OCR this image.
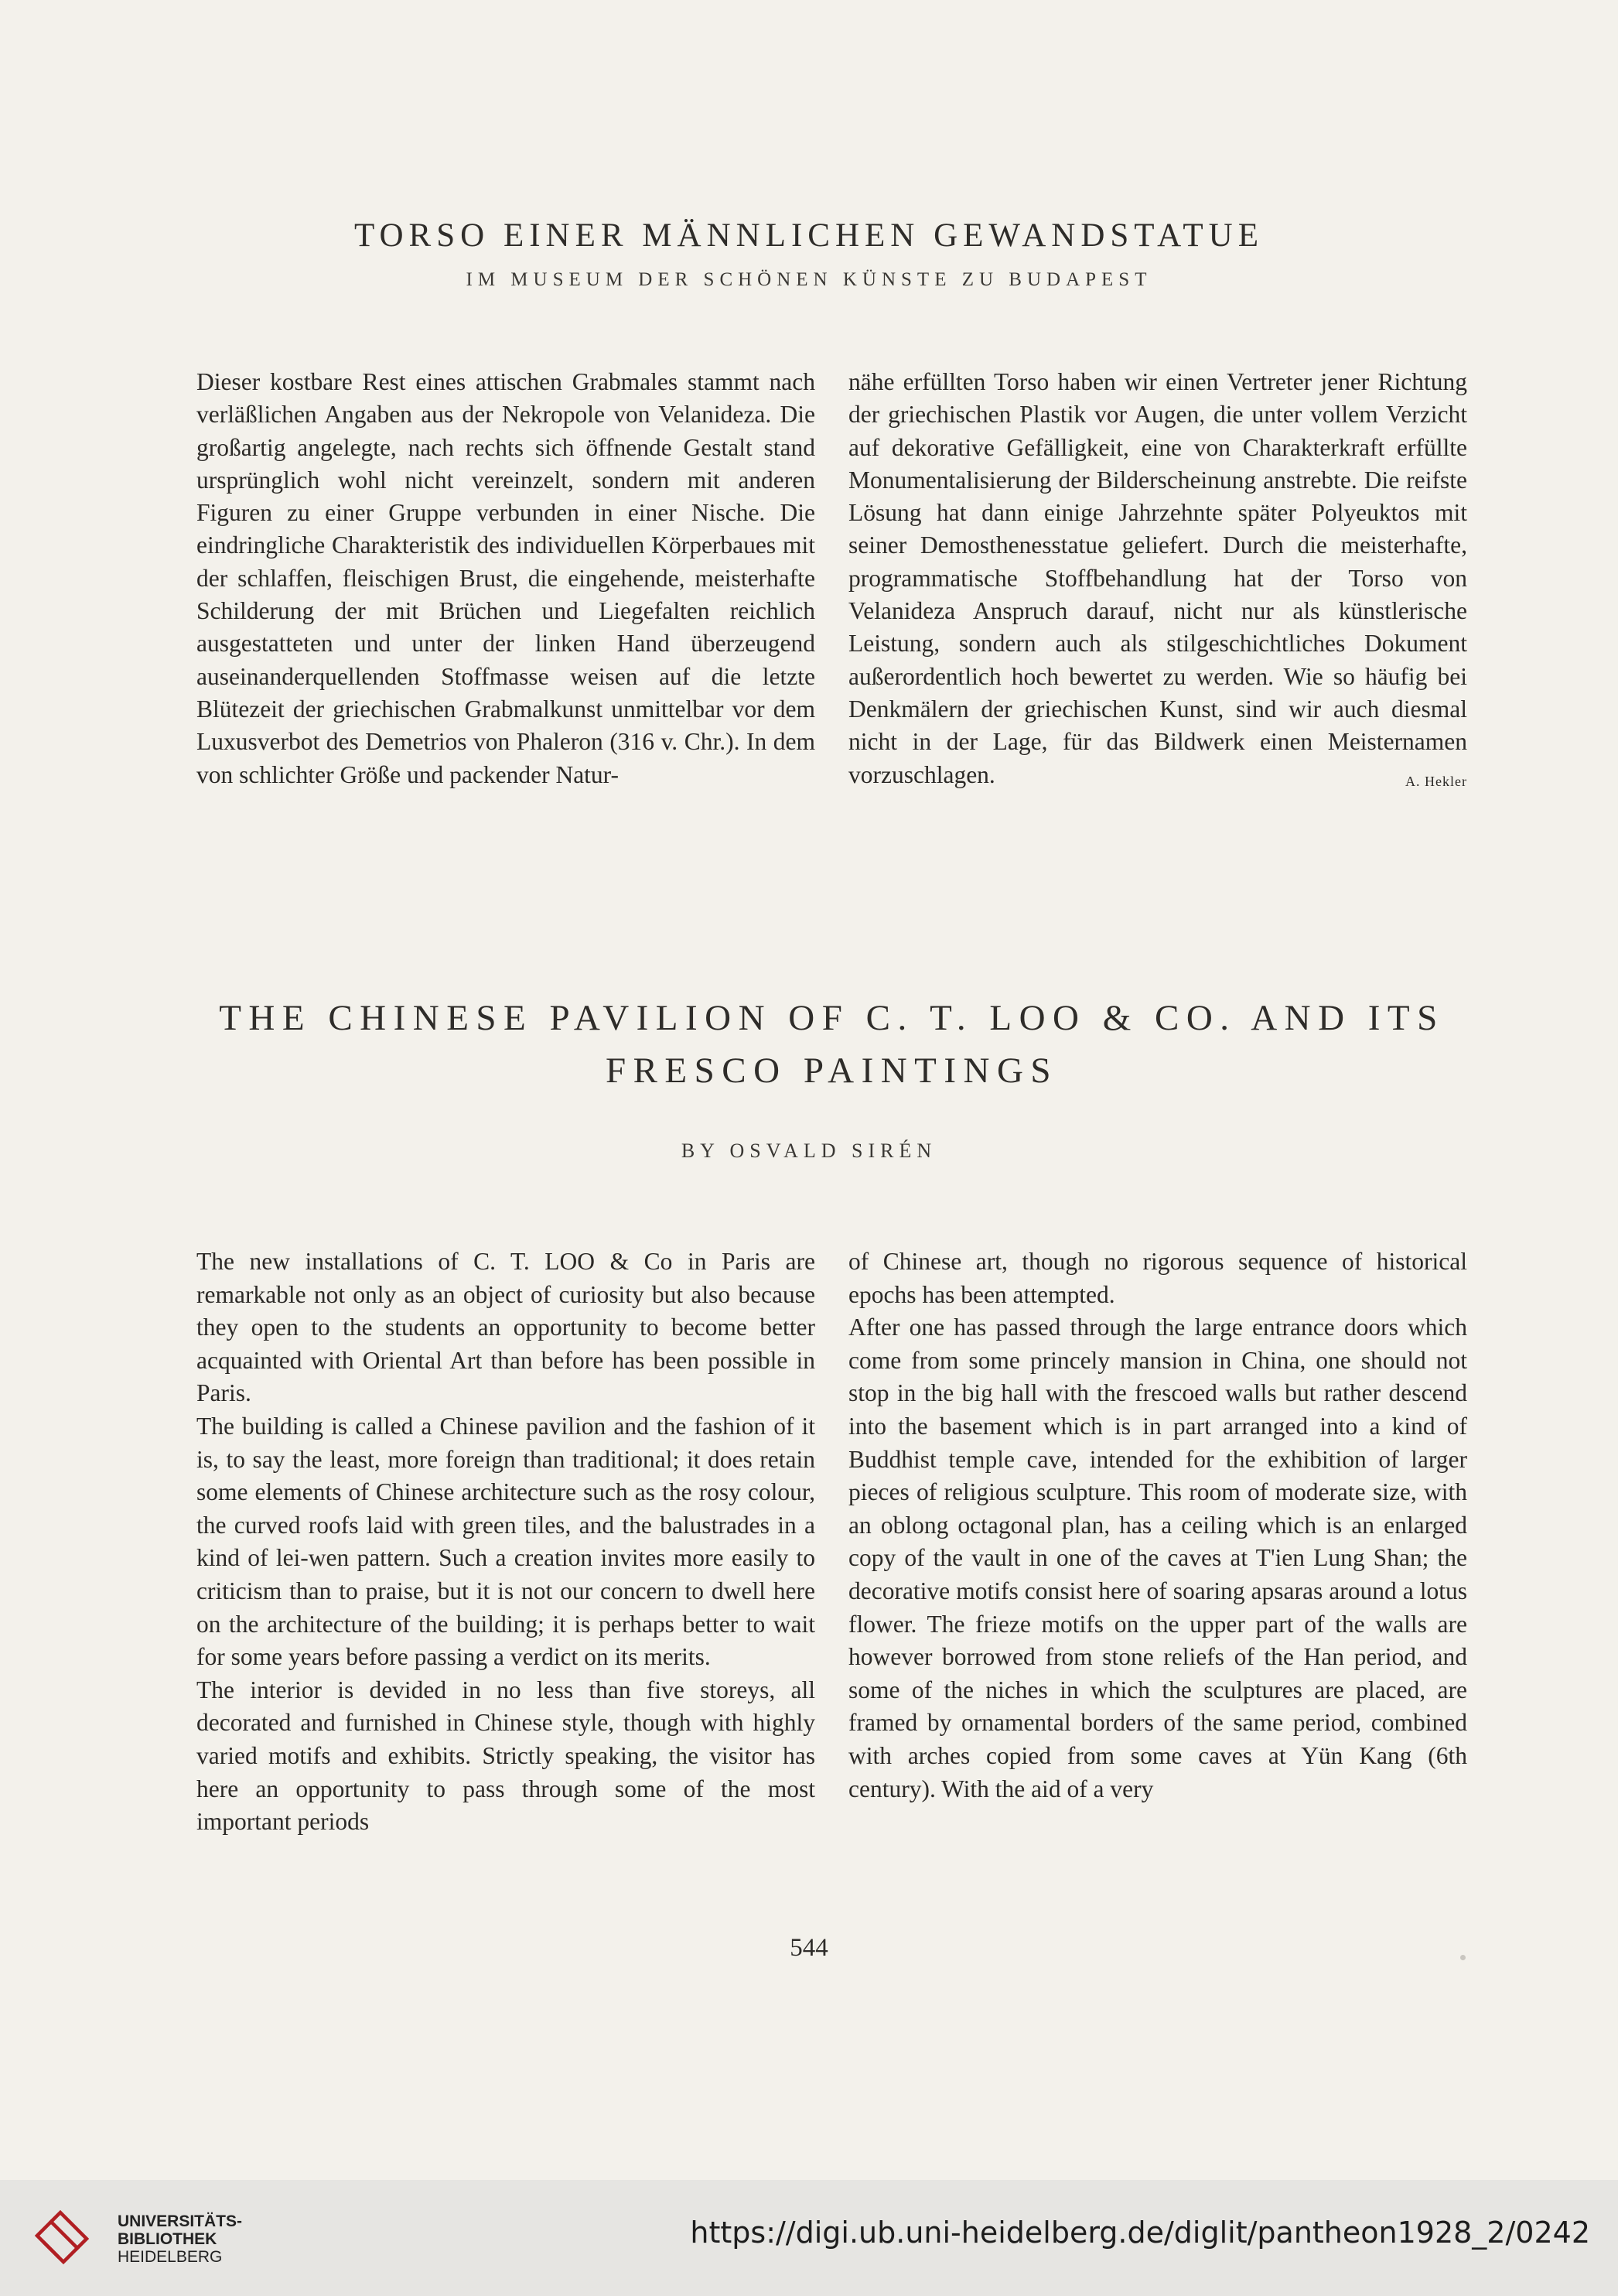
TORSO EINER MÄNNLICHEN GEWANDSTATUE
IM MUSEUM DER SCHÖNEN KÜNSTE ZU BUDAPEST

Dieser kostbare Rest eines attischen Grabmales stammt nach verläßlichen Angaben aus der Nekropole von Velanideza. Die großartig angelegte, nach rechts sich öffnende Gestalt stand ursprünglich wohl nicht vereinzelt, sondern mit anderen Figuren zu einer Gruppe verbunden in einer Nische. Die eindringliche Charakteristik des individuellen Körperbaues mit der schlaffen, fleischigen Brust, die eingehende, meisterhafte Schilderung der mit Brüchen und Liegefalten reichlich ausgestatteten und unter der linken Hand überzeugend auseinanderquellenden Stoffmasse weisen auf die letzte Blütezeit der griechischen Grabmalkunst unmittelbar vor dem Luxusverbot des Demetrios von Phaleron (316 v. Chr.). In dem von schlichter Größe und packender Natur-

nähe erfüllten Torso haben wir einen Vertreter jener Richtung der griechischen Plastik vor Augen, die unter vollem Verzicht auf dekorative Gefälligkeit, eine von Charakterkraft erfüllte Monumentalisierung der Bilderscheinung anstrebte. Die reifste Lösung hat dann einige Jahrzehnte später Polyeuktos mit seiner Demosthenesstatue geliefert. Durch die meisterhafte, programmatische Stoffbehandlung hat der Torso von Velanideza Anspruch darauf, nicht nur als künstlerische Leistung, sondern auch als stilgeschichtliches Dokument außerordentlich hoch bewertet zu werden. Wie so häufig bei Denkmälern der griechischen Kunst, sind wir auch diesmal nicht in der Lage, für das Bildwerk einen Meisternamen vorzuschlagen.	A. Hekler

THE CHINESE PAVILION OF C. T. LOO & CO. AND ITS FRESCO PAINTINGS
BY OSVALD SIRÉN

The new installations of C. T. LOO & Co in Paris are remarkable not only as an object of curiosity but also because they open to the students an opportunity to become better acquainted with Oriental Art than before has been possible in Paris.

The building is called a Chinese pavilion and the fashion of it is, to say the least, more foreign than traditional; it does retain some elements of Chinese architecture such as the rosy colour, the curved roofs laid with green tiles, and the balustrades in a kind of lei-wen pattern. Such a creation invites more easily to criticism than to praise, but it is not our concern to dwell here on the architecture of the building; it is perhaps better to wait for some years before passing a verdict on its merits.

The interior is devided in no less than five storeys, all decorated and furnished in Chinese style, though with highly varied motifs and exhibits. Strictly speaking, the visitor has here an opportunity to pass through some of the most important periods

of Chinese art, though no rigorous sequence of historical epochs has been attempted.

After one has passed through the large entrance doors which come from some princely mansion in China, one should not stop in the big hall with the frescoed walls but rather descend into the basement which is in part arranged into a kind of Buddhist temple cave, intended for the exhibition of larger pieces of religious sculpture. This room of moderate size, with an oblong octagonal plan, has a ceiling which is an enlarged copy of the vault in one of the caves at T'ien Lung Shan; the decorative motifs consist here of soaring apsaras around a lotus flower. The frieze motifs on the upper part of the walls are however borrowed from stone reliefs of the Han period, and some of the niches in which the sculptures are placed, are framed by ornamental borders of the same period, combined with arches copied from some caves at Yün Kang (6th century). With the aid of a very

544
UNIVERSITÄTS-
BIBLIOTHEK
HEIDELBERG
https://digi.ub.uni-heidelberg.de/diglit/pantheon1928_2/0242
